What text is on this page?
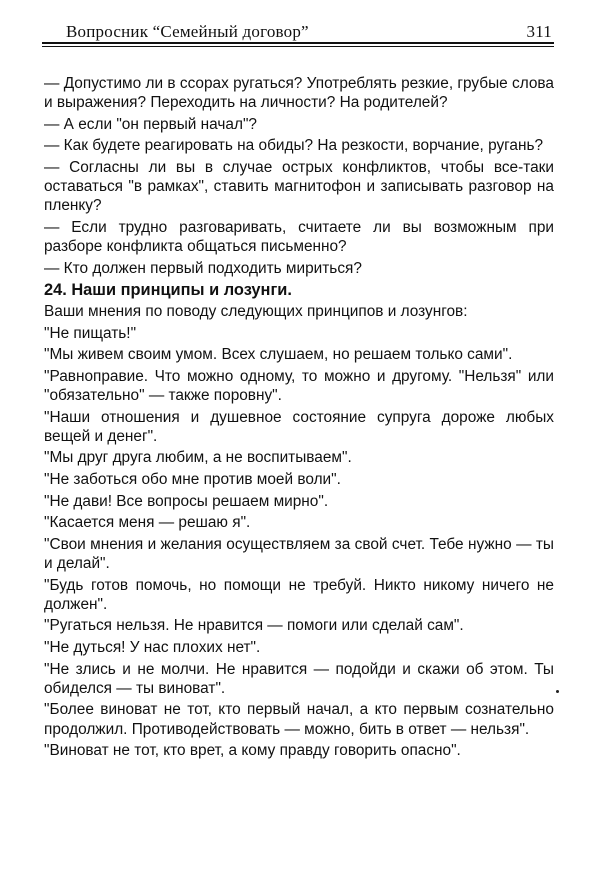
Вопросник “Семейный договор”	311

— Допустимо ли в ссорах ругаться? Употреблять резкие, грубые слова и выражения? Переходить на личности? На родителей?

— А если "он первый начал"?

— Как будете реагировать на обиды? На резкости, ворчание, ругань?

— Согласны ли вы в случае острых конфликтов, чтобы все-таки оставаться "в рамках", ставить магнитофон и записывать разговор на пленку?

— Если трудно разговаривать, считаете ли вы возможным при разборе конфликта общаться письменно?

— Кто должен первый подходить мириться?

24. Наши принципы и лозунги.

Ваши мнения по поводу следующих принципов и лозунгов:

"Не пищать!"

"Мы живем своим умом. Всех слушаем, но решаем только сами".

"Равноправие. Что можно одному, то можно и другому. "Нельзя" или "обязательно" — также поровну".

"Наши отношения и душевное состояние супруга дороже любых вещей и денег".

"Мы друг друга любим, а не воспитываем".

"Не заботься обо мне против моей воли".

"Не дави! Все вопросы решаем мирно".

"Касается меня — решаю я".

"Свои мнения и желания осуществляем за свой счет. Тебе нужно — ты и делай".

"Будь готов помочь, но помощи не требуй. Никто никому ничего не должен".

"Ругаться нельзя. Не нравится — помоги или сделай сам".

"Не дуться! У нас плохих нет".

"Не злись и не молчи. Не нравится — подойди и скажи об этом. Ты обиделся — ты виноват".

"Более виноват не тот, кто первый начал, а кто первым сознательно продолжил. Противодействовать — можно, бить в ответ — нельзя".

"Виноват не тот, кто врет, а кому правду говорить опасно".
